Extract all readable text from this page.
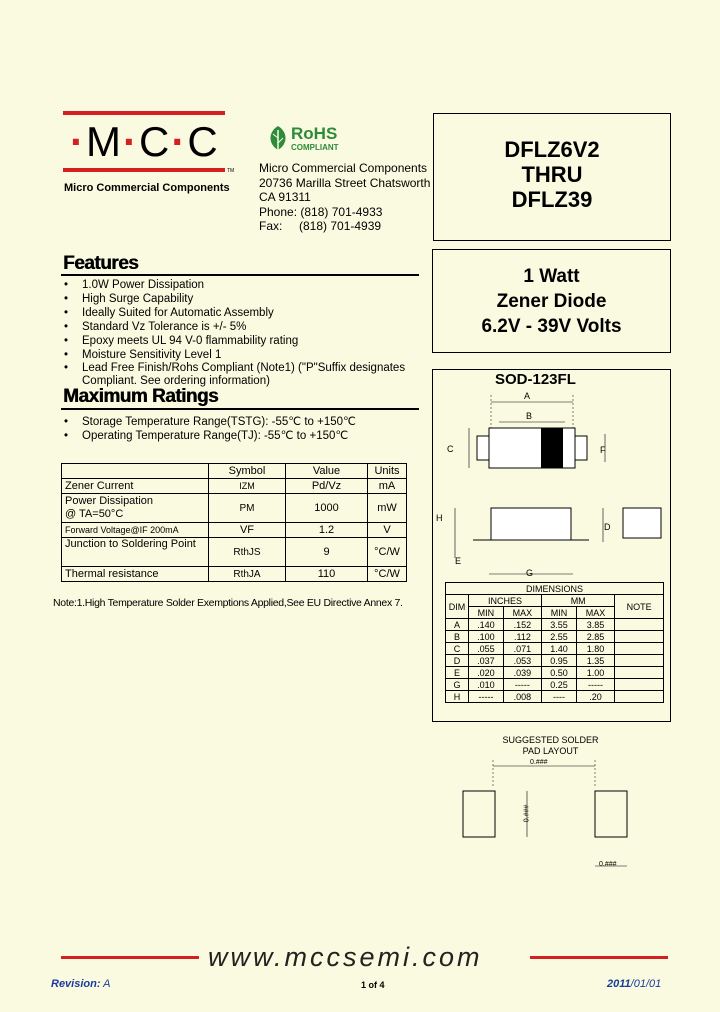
·M·C·C
TM
Micro Commercial Components
RoHS
COMPLIANT
Micro Commercial Components
20736 Marilla Street Chatsworth
CA 91311
Phone: (818) 701-4933
Fax:     (818) 701-4939
DFLZ6V2
THRU
DFLZ39
1 Watt
Zener Diode
6.2V - 39V Volts
Features
• 1.0W Power Dissipation
• High Surge Capability
• Ideally Suited for Automatic Assembly
• Standard Vz Tolerance is +/- 5%
• Epoxy meets UL 94 V-0 flammability rating
• Moisture Sensitivity Level 1
• Lead Free Finish/Rohs Compliant (Note1) ("P"Suffix designates Compliant. See ordering information)
Maximum Ratings
• Storage Temperature Range(TSTG): -55℃ to +150℃
• Operating Temperature Range(TJ): -55℃ to +150℃
	Symbol	Value	Units
Zener Current	IZM	Pd/Vz	mA
Power Dissipation
@ TA=50°C	PM	1000	mW
Forward Voltage@IF 200mA	VF	1.2	V
Junction to Soldering Point	RthJS	9	°C/W
Thermal resistance	RthJA	110	°C/W
Note:1.High Temperature Solder Exemptions Applied,See EU Directive Annex 7.
SOD-123FL
A
B
C	F
H
D
E
G
DIMENSIONS					
DIM	INCHES		MM		NOTE
	MIN	MAX	MIN	MAX	
A	.140	.152	3.55	3.85	
B	.100	.112	2.55	2.85	
C	.055	.071	1.40	1.80	
D	.037	.053	0.95	1.35	
E	.020	.039	0.50	1.00	
G	.010	-----	0.25	-----	
H	-----	.008	----	.20	
SUGGESTED SOLDER
PAD LAYOUT
0.###
0.###
0.###
www.mccsemi.com
Revision: A	1 of 4	2011/01/01
